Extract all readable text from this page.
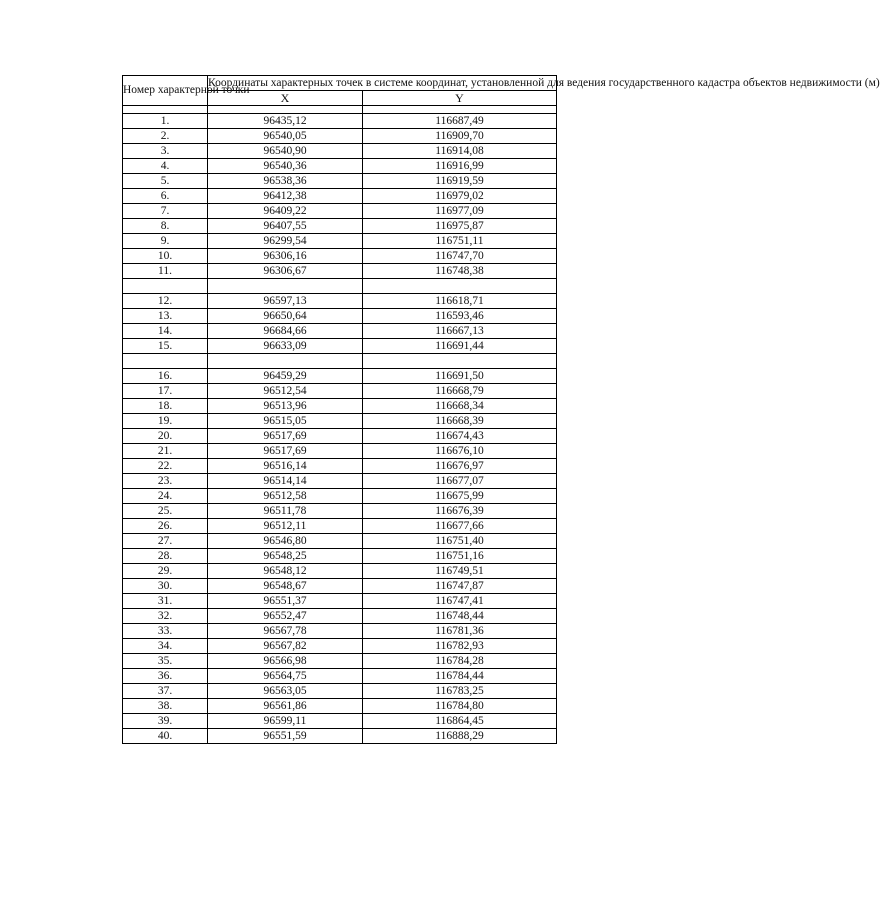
Номер характерной точки	Координаты характерных точек в системе координат, установленной для ведения государственного кадастра объектов недвижимости (м)	
	X	Y

1.	96435,12	116687,49
2.	96540,05	116909,70
3.	96540,90	116914,08
4.	96540,36	116916,99
5.	96538,36	116919,59
6.	96412,38	116979,02
7.	96409,22	116977,09
8.	96407,55	116975,87
9.	96299,54	116751,11
10.	96306,16	116747,70
11.	96306,67	116748,38

12.	96597,13	116618,71
13.	96650,64	116593,46
14.	96684,66	116667,13
15.	96633,09	116691,44

16.	96459,29	116691,50
17.	96512,54	116668,79
18.	96513,96	116668,34
19.	96515,05	116668,39
20.	96517,69	116674,43
21.	96517,69	116676,10
22.	96516,14	116676,97
23.	96514,14	116677,07
24.	96512,58	116675,99
25.	96511,78	116676,39
26.	96512,11	116677,66
27.	96546,80	116751,40
28.	96548,25	116751,16
29.	96548,12	116749,51
30.	96548,67	116747,87
31.	96551,37	116747,41
32.	96552,47	116748,44
33.	96567,78	116781,36
34.	96567,82	116782,93
35.	96566,98	116784,28
36.	96564,75	116784,44
37.	96563,05	116783,25
38.	96561,86	116784,80
39.	96599,11	116864,45
40.	96551,59	116888,29
